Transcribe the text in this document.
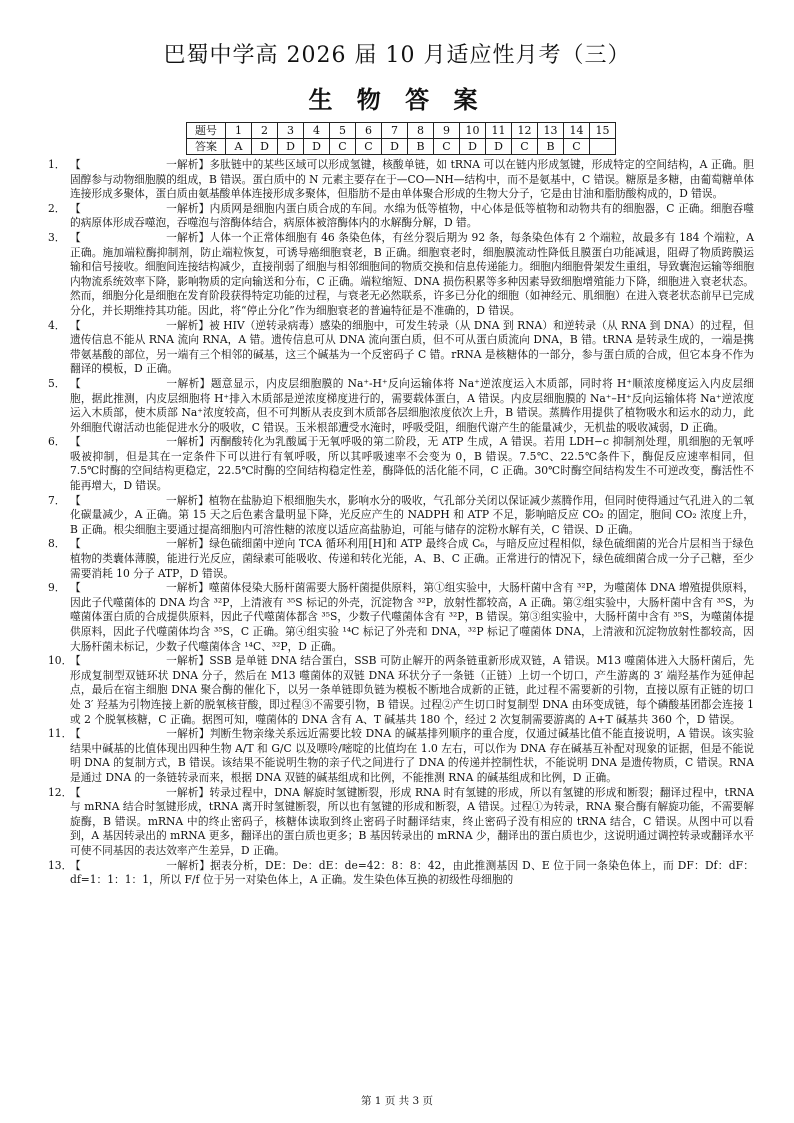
巴蜀中学高 2026 届 10 月适应性月考（三）
生 物 答 案
题号	1	2	3	4	5	6	7	8	9	10	11	12	13	14	15
答案	A	D	D	D	C	C	D	B	C	D	D	C	B	C	

1． 【	一解析】多肽链中的某些区域可以形成氢键，核酸单链，如 tRNA 可以在链内形成氢键，形成特定的空间结构，A 正确。胆固醇参与动物细胞膜的组成，B 错误。蛋白质中的 N 元素主要存在于—CO—NH—结构中，而不是氨基中，C 错误。糖原是多糖，由葡萄糖单体连接形成多聚体，蛋白质由氨基酸单体连接形成多聚体，但脂肪不是由单体聚合形成的生物大分子，它是由甘油和脂肪酸构成的，D 错误。

2． 【	一解析】内质网是细胞内蛋白质合成的车间。水绵为低等植物，中心体是低等植物和动物共有的细胞器，C 正确。细胞吞噬的病原体形成吞噬泡，吞噬泡与溶酶体结合，病原体被溶酶体内的水解酶分解，D 错。

3． 【	一解析】人体一个正常体细胞有 46 条染色体，有丝分裂后期为 92 条，每条染色体有 2 个端粒，故最多有 184 个端粒，A 正确。施加端粒酶抑制剂，防止端粒恢复，可诱导癌细胞衰老，B 正确。细胞衰老时，细胞膜流动性降低且膜蛋白功能减退，阻碍了物质跨膜运输和信号接收。细胞间连接结构减少，直接削弱了细胞与相邻细胞间的物质交换和信息传递能力。细胞内细胞骨架发生重组，导致囊泡运输等细胞内物流系统效率下降，影响物质的定向输送和分布，C 正确。端粒缩短、DNA 损伤积累等多种因素导致细胞增殖能力下降，细胞进入衰老状态。然而，细胞分化是细胞在发育阶段获得特定功能的过程，与衰老无必然联系，许多已分化的细胞（如神经元、肌细胞）在进入衰老状态前早已完成分化，并长期维持其功能。因此，将“停止分化”作为细胞衰老的普遍特征是不准确的，D 错误。

4． 【	一解析】被 HIV（逆转录病毒）感染的细胞中，可发生转录（从 DNA 到 RNA）和逆转录（从 RNA 到 DNA）的过程，但遗传信息不能从 RNA 流向 RNA，A 错。遗传信息可从 DNA 流向蛋白质，但不可从蛋白质流向 DNA，B 错。tRNA 是转录生成的，一端是携带氨基酸的部位，另一端有三个相邻的碱基，这三个碱基为一个反密码子 C 错。rRNA 是核糖体的一部分，参与蛋白质的合成，但它本身不作为翻译的模板，D 正确。

5． 【	一解析】题意显示，内皮层细胞膜的 Na⁺-H⁺反向运输体将 Na⁺逆浓度运入木质部，同时将 H⁺顺浓度梯度运入内皮层细胞，据此推测，内皮层细胞将 H⁺排入木质部是逆浓度梯度进行的，需要载体蛋白，A 错误。内皮层细胞膜的 Na⁺–H⁺反向运输体将 Na⁺逆浓度运入木质部，使木质部 Na⁺浓度较高，但不可判断从表皮到木质部各层细胞浓度依次上升，B 错误。蒸腾作用提供了植物吸水和运水的动力，此外细胞代谢活动也能促进水分的吸收，C 错误。玉米根部遭受水淹时，呼吸受阻，细胞代谢产生的能量减少，无机盐的吸收减弱，D 正确。

6． 【	一解析】丙酮酸转化为乳酸属于无氧呼吸的第二阶段，无 ATP 生成，A 错误。若用 LDH−c 抑制剂处理，肌细胞的无氧呼吸被抑制，但是其在一定条件下可以进行有氧呼吸，所以其呼吸速率不会变为 0，B 错误。7.5℃、22.5℃条件下，酶促反应速率相同，但 7.5℃时酶的空间结构更稳定，22.5℃时酶的空间结构稳定性差，酶降低的活化能不同，C 正确。30℃时酶空间结构发生不可逆改变，酶活性不能再增大，D 错误。

7． 【	一解析】植物在盐胁迫下根细胞失水，影响水分的吸收，气孔部分关闭以保证减少蒸腾作用，但同时使得通过气孔进入的二氧化碳量减少，A 正确。第 15 天之后色素含量明显下降，光反应产生的 NADPH 和 ATP 不足，影响暗反应 CO₂ 的固定，胞间 CO₂ 浓度上升，B 正确。根尖细胞主要通过提高细胞内可溶性糖的浓度以适应高盐胁迫，可能与储存的淀粉水解有关，C 错误、D 正确。

8． 【	一解析】绿色硫细菌中逆向 TCA 循环利用[H]和 ATP 最终合成 C₆，与暗反应过程相似，绿色硫细菌的光合片层相当于绿色植物的类囊体薄膜，能进行光反应，菌绿素可能吸收、传递和转化光能，A、B、C 正确。正常进行的情况下，绿色硫细菌合成一分子己糖，至少需要消耗 10 分子 ATP，D 错误。

9． 【	一解析】噬菌体侵染大肠杆菌需要大肠杆菌提供原料，第①组实验中，大肠杆菌中含有 ³²P，为噬菌体 DNA 增殖提供原料，因此子代噬菌体的 DNA 均含 ³²P，上清液有 ³⁵S 标记的外壳，沉淀物含 ³²P，放射性都较高，A 正确。第②组实验中，大肠杆菌中含有 ³⁵S，为噬菌体蛋白质的合成提供原料，因此子代噬菌体都含 ³⁵S，少数子代噬菌体含有 ³²P，B 错误。第③组实验中，大肠杆菌中含有 ³⁵S，为噬菌体提供原料，因此子代噬菌体均含 ³⁵S，C 正确。第④组实验 ¹⁴C 标记了外壳和 DNA，³²P 标记了噬菌体 DNA，上清液和沉淀物放射性都较高，因大肠杆菌未标记，少数子代噬菌体含 ¹⁴C、³²P，D 正确。

10．
【	一解析】SSB 是单链 DNA 结合蛋白，SSB 可防止解开的两条链重新形成双链，A 错误。M13 噬菌体进入大肠杆菌后，先形成复制型双链环状 DNA 分子，然后在 M13 噬菌体的双链 DNA 环状分子一条链（正链）上切一个切口，产生游离的 3′ 端羟基作为延伸起点，最后在宿主细胞 DNA 聚合酶的催化下，以另一条单链即负链为模板不断地合成新的正链，此过程不需要新的引物，直接以原有正链的切口处 3′ 羟基为引物连接上新的脱氧核苷酸，即过程③不需要引物，B 错误。过程②产生切口时复制型 DNA 由环变成链，每个磷酸基团都会连接 1 或 2 个脱氧核糖，C 正确。据图可知，噬菌体的 DNA 含有 A、T 碱基共 180 个，经过 2 次复制需要游离的 A+T 碱基共 360 个，D 错误。

11．
【	一解析】判断生物亲缘关系远近需要比较 DNA 的碱基排列顺序的重合度，仅通过碱基比值不能直接说明，A 错误。该实验结果中碱基的比值体现出四种生物 A/T 和 G/C 以及嘌呤/嘧啶的比值均在 1.0 左右，可以作为 DNA 存在碱基互补配对现象的证据，但是不能说明 DNA 的复制方式，B 错误。该结果不能说明生物的亲子代之间进行了 DNA 的传递并控制性状，不能说明 DNA 是遗传物质，C 错误。RNA 是通过 DNA 的一条链转录而来，根据 DNA 双链的碱基组成和比例，不能推测 RNA 的碱基组成和比例，D 正确。

12．
【	一解析】转录过程中，DNA 解旋时氢键断裂，形成 RNA 时有氢键的形成，所以有氢键的形成和断裂；翻译过程中，tRNA 与 mRNA 结合时氢键形成，tRNA 离开时氢键断裂，所以也有氢键的形成和断裂，A 错误。过程①为转录，RNA 聚合酶有解旋功能，不需要解旋酶，B 错误。mRNA 中的终止密码子，核糖体读取到终止密码子时翻译结束，终止密码子没有相应的 tRNA 结合，C 错误。从图中可以看到，A 基因转录出的 mRNA 更多，翻译出的蛋白质也更多；B 基因转录出的 mRNA 少，翻译出的蛋白质也少，这说明通过调控转录或翻译水平可使不同基因的表达效率产生差异，D 正确。

13．
【	一解析】据表分析，DE：De：dE：de=42：8：8：42，由此推测基因 D、E 位于同一条染色体上，而 DF：Df：dF：df=1：1：1：1，所以 F/f 位于另一对染色体上，A 正确。发生染色体互换的初级性母细胞的

第 1 页 共 3 页
